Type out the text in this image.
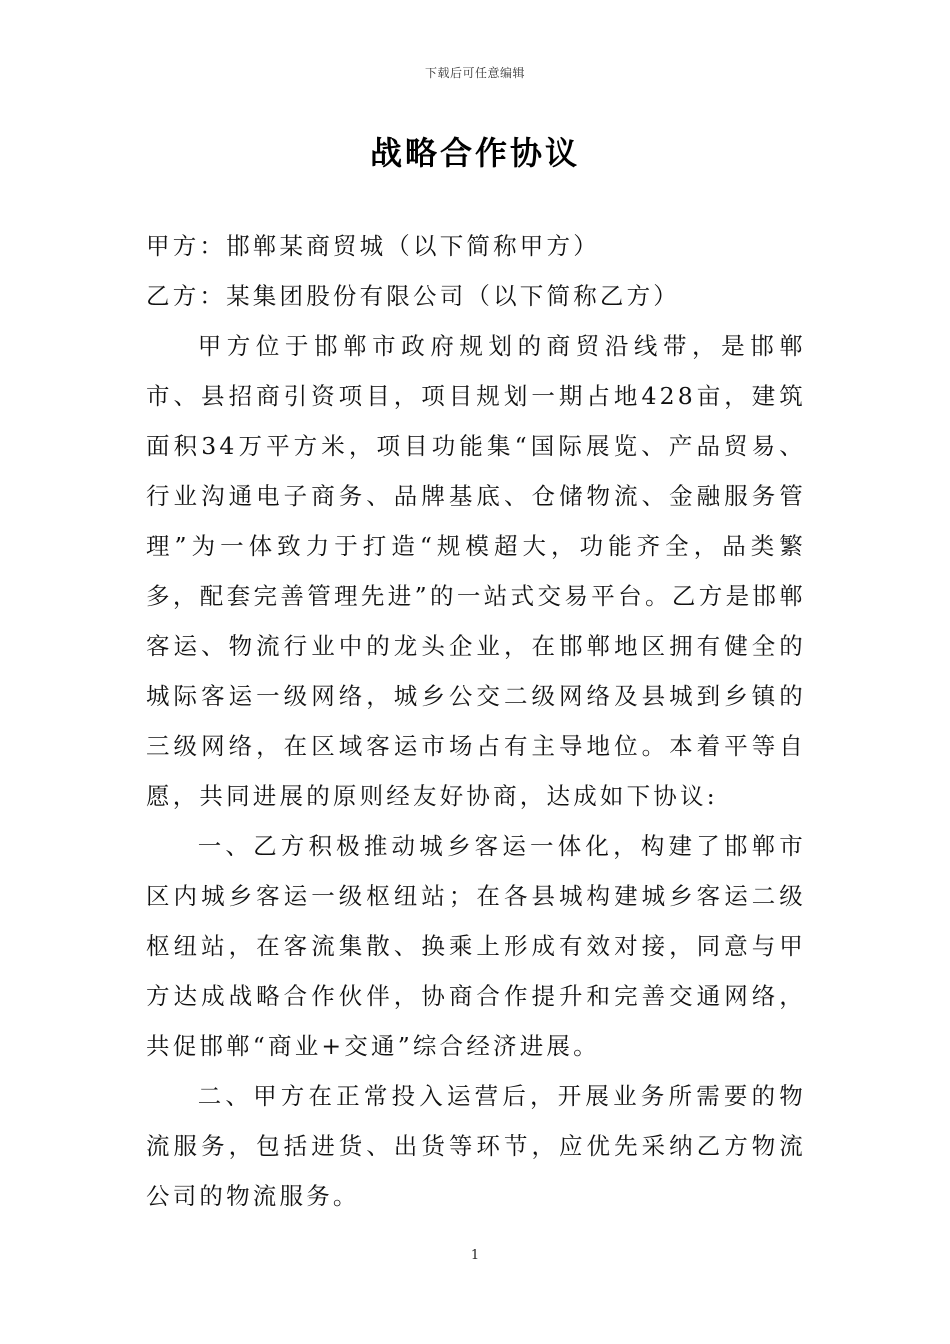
下载后可任意编辑
战略合作协议

甲方：邯郸某商贸城（以下简称甲方）

乙方：某集团股份有限公司（以下简称乙方）

甲方位于邯郸市政府规划的商贸沿线带，是邯郸市、县招商引资项目，项目规划一期占地428亩，建筑面积34万平方米，项目功能集“国际展览、产品贸易、行业沟通电子商务、品牌基底、仓储物流、金融服务管理”为一体致力于打造“规模超大，功能齐全，品类繁多，配套完善管理先进”的一站式交易平台。乙方是邯郸客运、物流行业中的龙头企业，在邯郸地区拥有健全的城际客运一级网络，城乡公交二级网络及县城到乡镇的三级网络，在区域客运市场占有主导地位。本着平等自愿，共同进展的原则经友好协商，达成如下协议:

一、乙方积极推动城乡客运一体化，构建了邯郸市区内城乡客运一级枢纽站；在各县城构建城乡客运二级枢纽站，在客流集散、换乘上形成有效对接，同意与甲方达成战略合作伙伴，协商合作提升和完善交通网络，共促邯郸“商业+交通”综合经济进展。

二、甲方在正常投入运营后，开展业务所需要的物流服务，包括进货、出货等环节，应优先采纳乙方物流公司的物流服务。

1
